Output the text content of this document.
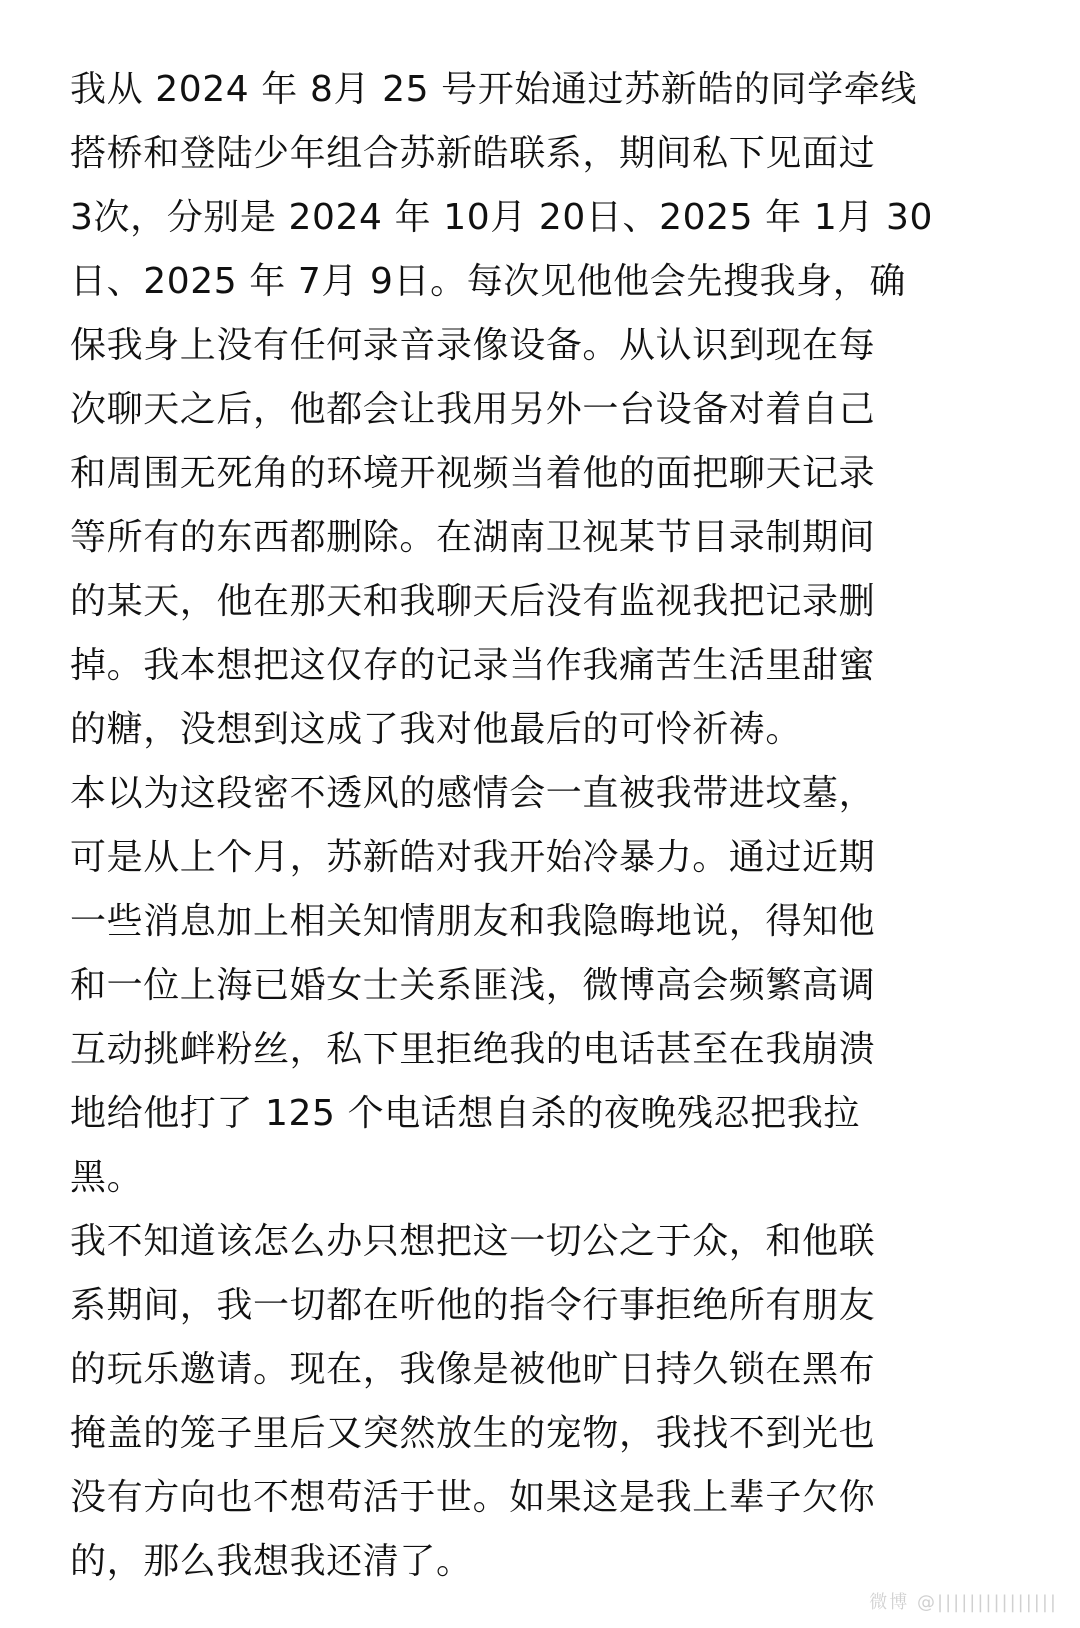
我从 2024 年 8月 25 号开始通过苏新皓的同学牵线
搭桥和登陆少年组合苏新皓联系，期间私下见面过
3次，分别是 2024 年 10月 20日、2025 年 1月 30
日、2025 年 7月 9日。每次见他他会先搜我身，确
保我身上没有任何录音录像设备。从认识到现在每
次聊天之后，他都会让我用另外一台设备对着自己
和周围无死角的环境开视频当着他的面把聊天记录
等所有的东西都删除。在湖南卫视某节目录制期间
的某天，他在那天和我聊天后没有监视我把记录删
掉。我本想把这仅存的记录当作我痛苦生活里甜蜜
的糖，没想到这成了我对他最后的可怜祈祷。
本以为这段密不透风的感情会一直被我带进坟墓，
可是从上个月，苏新皓对我开始冷暴力。通过近期
一些消息加上相关知情朋友和我隐晦地说，得知他
和一位上海已婚女士关系匪浅，微博高会频繁高调
互动挑衅粉丝，私下里拒绝我的电话甚至在我崩溃
地给他打了 125 个电话想自杀的夜晚残忍把我拉
黑。
我不知道该怎么办只想把这一切公之于众，和他联
系期间，我一切都在听他的指令行事拒绝所有朋友
的玩乐邀请。现在，我像是被他旷日持久锁在黑布
掩盖的笼子里后又突然放生的宠物，我找不到光也
没有方向也不想苟活于世。如果这是我上辈子欠你
的，那么我想我还清了。
微博 @|||||||||||||||
